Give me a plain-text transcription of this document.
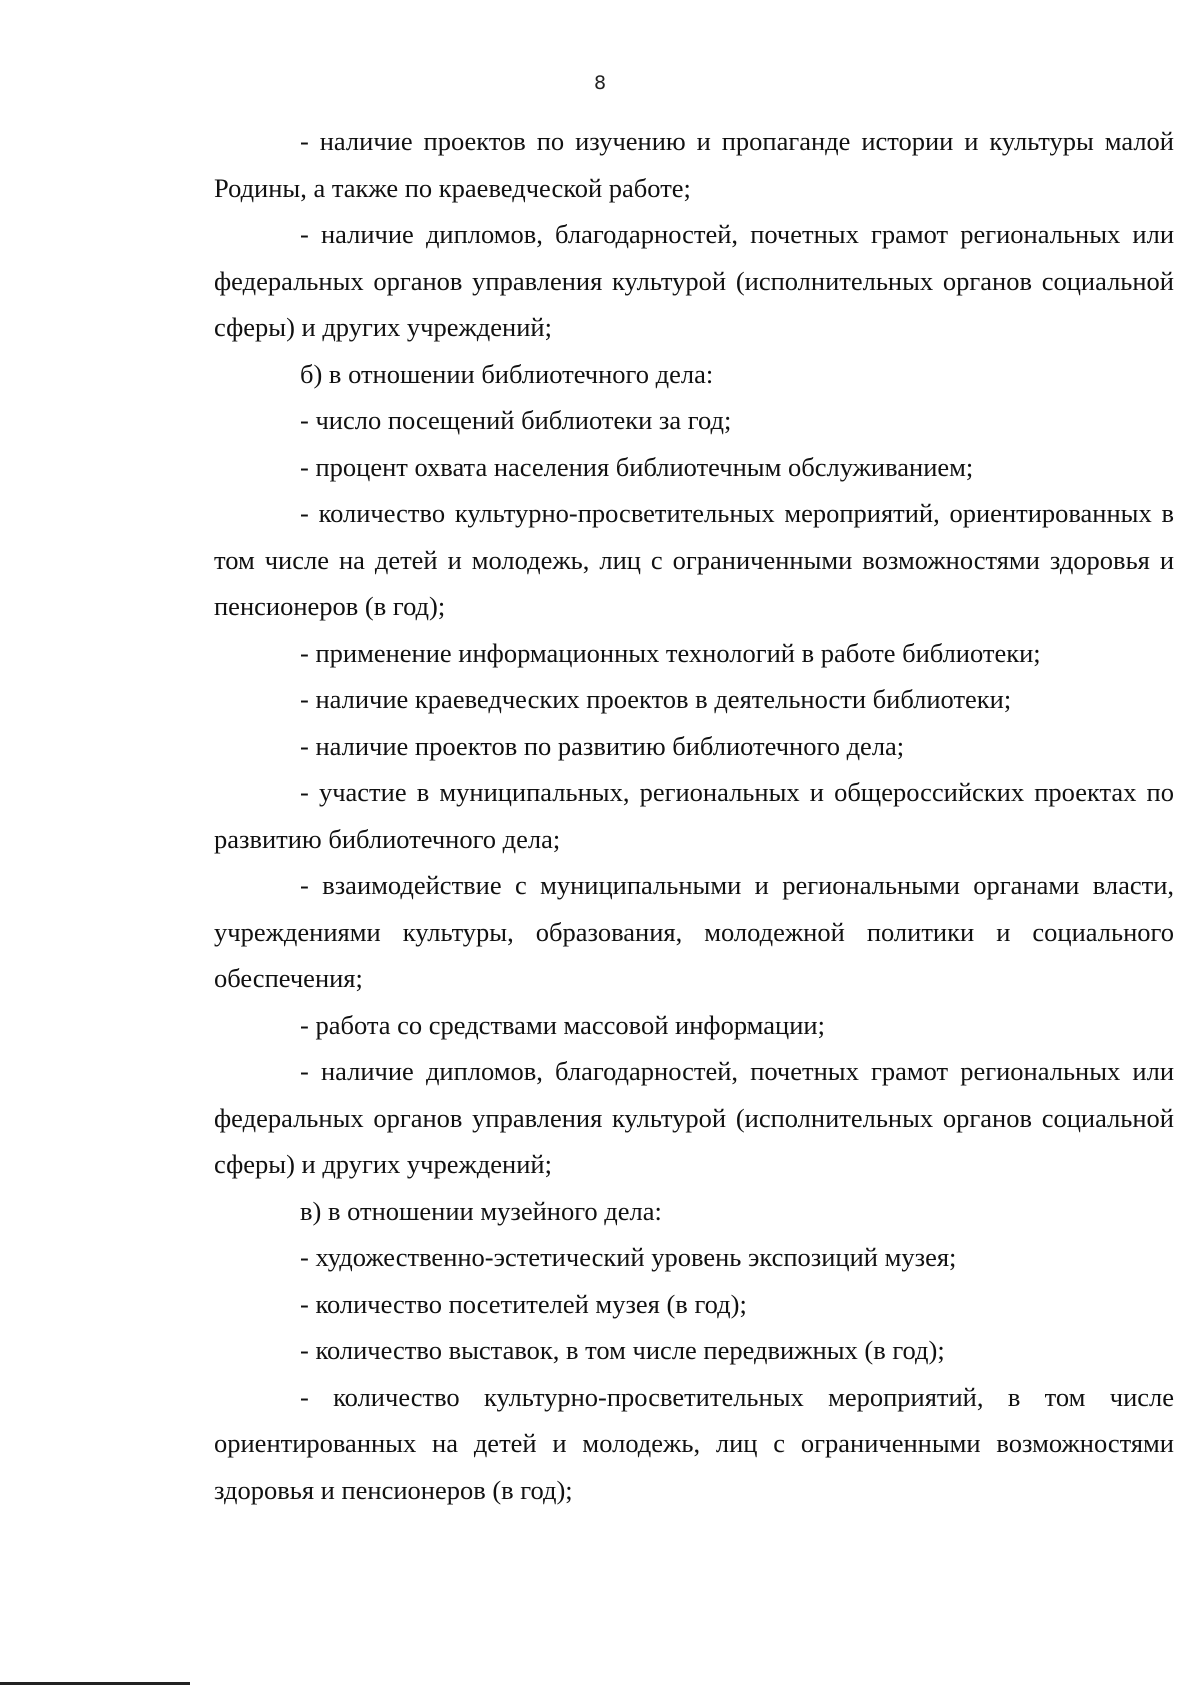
8

- наличие проектов по изучению и пропаганде истории и культуры малой Родины, а также по краеведческой работе;

- наличие дипломов, благодарностей, почетных грамот региональных или федеральных органов управления культурой (исполнительных органов социальной сферы) и других учреждений;

б) в отношении библиотечного дела:

- число посещений библиотеки за год;

- процент охвата населения библиотечным обслуживанием;

- количество культурно-просветительных мероприятий, ориентированных в том числе на детей и молодежь, лиц с ограниченными возможностями здоровья и пенсионеров (в год);

- применение информационных технологий в работе библиотеки;

- наличие краеведческих проектов в деятельности библиотеки;

- наличие проектов по развитию библиотечного дела;

- участие в муниципальных, региональных и общероссийских проектах по развитию библиотечного дела;

- взаимодействие с муниципальными и региональными органами власти, учреждениями культуры, образования, молодежной политики и социального обеспечения;

- работа со средствами массовой информации;

- наличие дипломов, благодарностей, почетных грамот региональных или федеральных органов управления культурой (исполнительных органов социальной сферы) и других учреждений;

в) в отношении музейного дела:

- художественно-эстетический уровень экспозиций музея;

- количество посетителей музея (в год);

- количество выставок, в том числе передвижных (в год);

- количество культурно-просветительных мероприятий, в том числе ориентированных на детей и молодежь, лиц с ограниченными возможностями здоровья и пенсионеров (в год);
